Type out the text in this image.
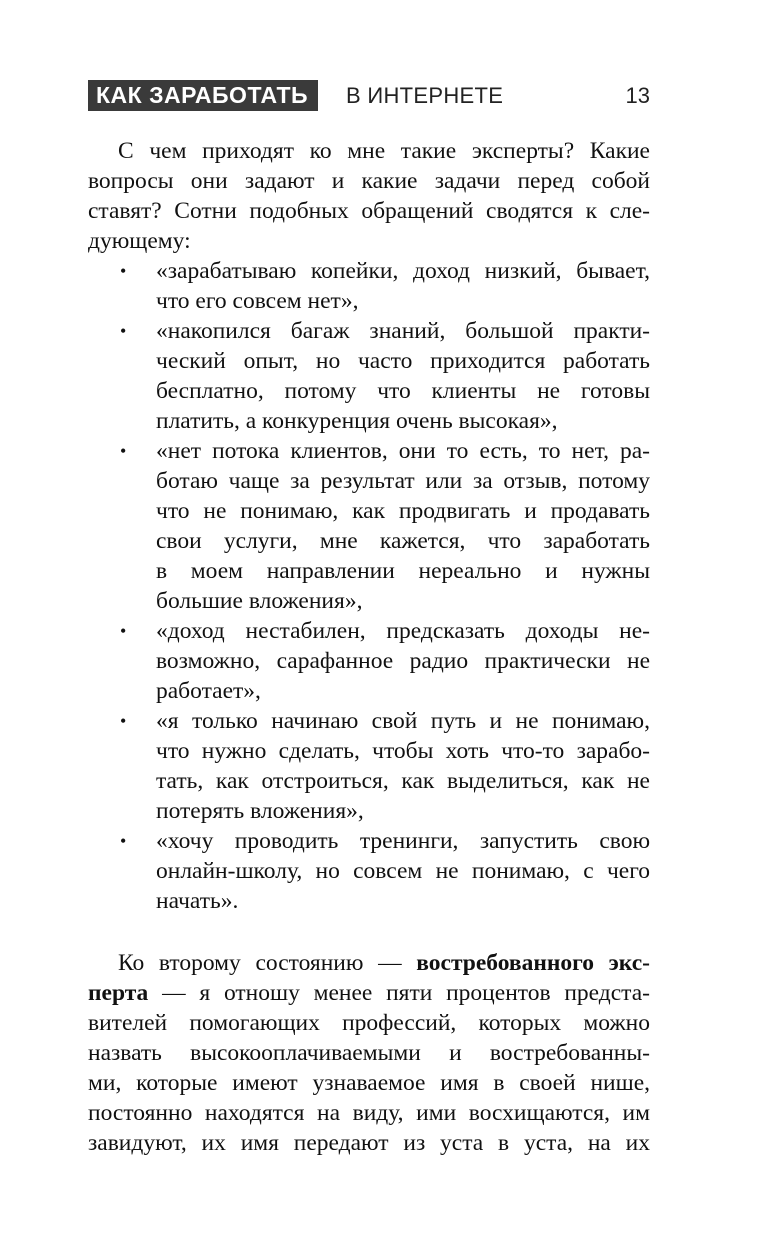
КАК ЗАРАБОТАТЬ	В ИНТЕРНЕТЕ	13
С чем приходят ко мне такие эксперты? Какие
вопросы они задают и какие задачи перед собой
ставят? Сотни подобных обращений сводятся к сле-
дующему:
•	«зарабатываю копейки, доход низкий, бывает,
что его совсем нет»,
•	«накопился багаж знаний, большой практи-
ческий опыт, но часто приходится работать
бесплатно, потому что клиенты не готовы
платить, а конкуренция очень высокая»,
•	«нет потока клиентов, они то есть, то нет, ра-
ботаю чаще за результат или за отзыв, потому
что не понимаю, как продвигать и продавать
свои услуги, мне кажется, что заработать
в моем направлении нереально и нужны
большие вложения»,
•	«доход нестабилен, предсказать доходы не-
возможно, сарафанное радио практически не
работает»,
•	«я только начинаю свой путь и не понимаю,
что нужно сделать, чтобы хоть что-то зарабо-
тать, как отстроиться, как выделиться, как не
потерять вложения»,
•	«хочу проводить тренинги, запустить свою
онлайн-школу, но совсем не понимаю, с чего
начать».
Ко второму состоянию — востребованного экс-
перта — я отношу менее пяти процентов предста-
вителей помогающих профессий, которых можно
назвать высокооплачиваемыми и востребованны-
ми, которые имеют узнаваемое имя в своей нише,
постоянно находятся на виду, ими восхищаются, им
завидуют, их имя передают из уста в уста, на их
